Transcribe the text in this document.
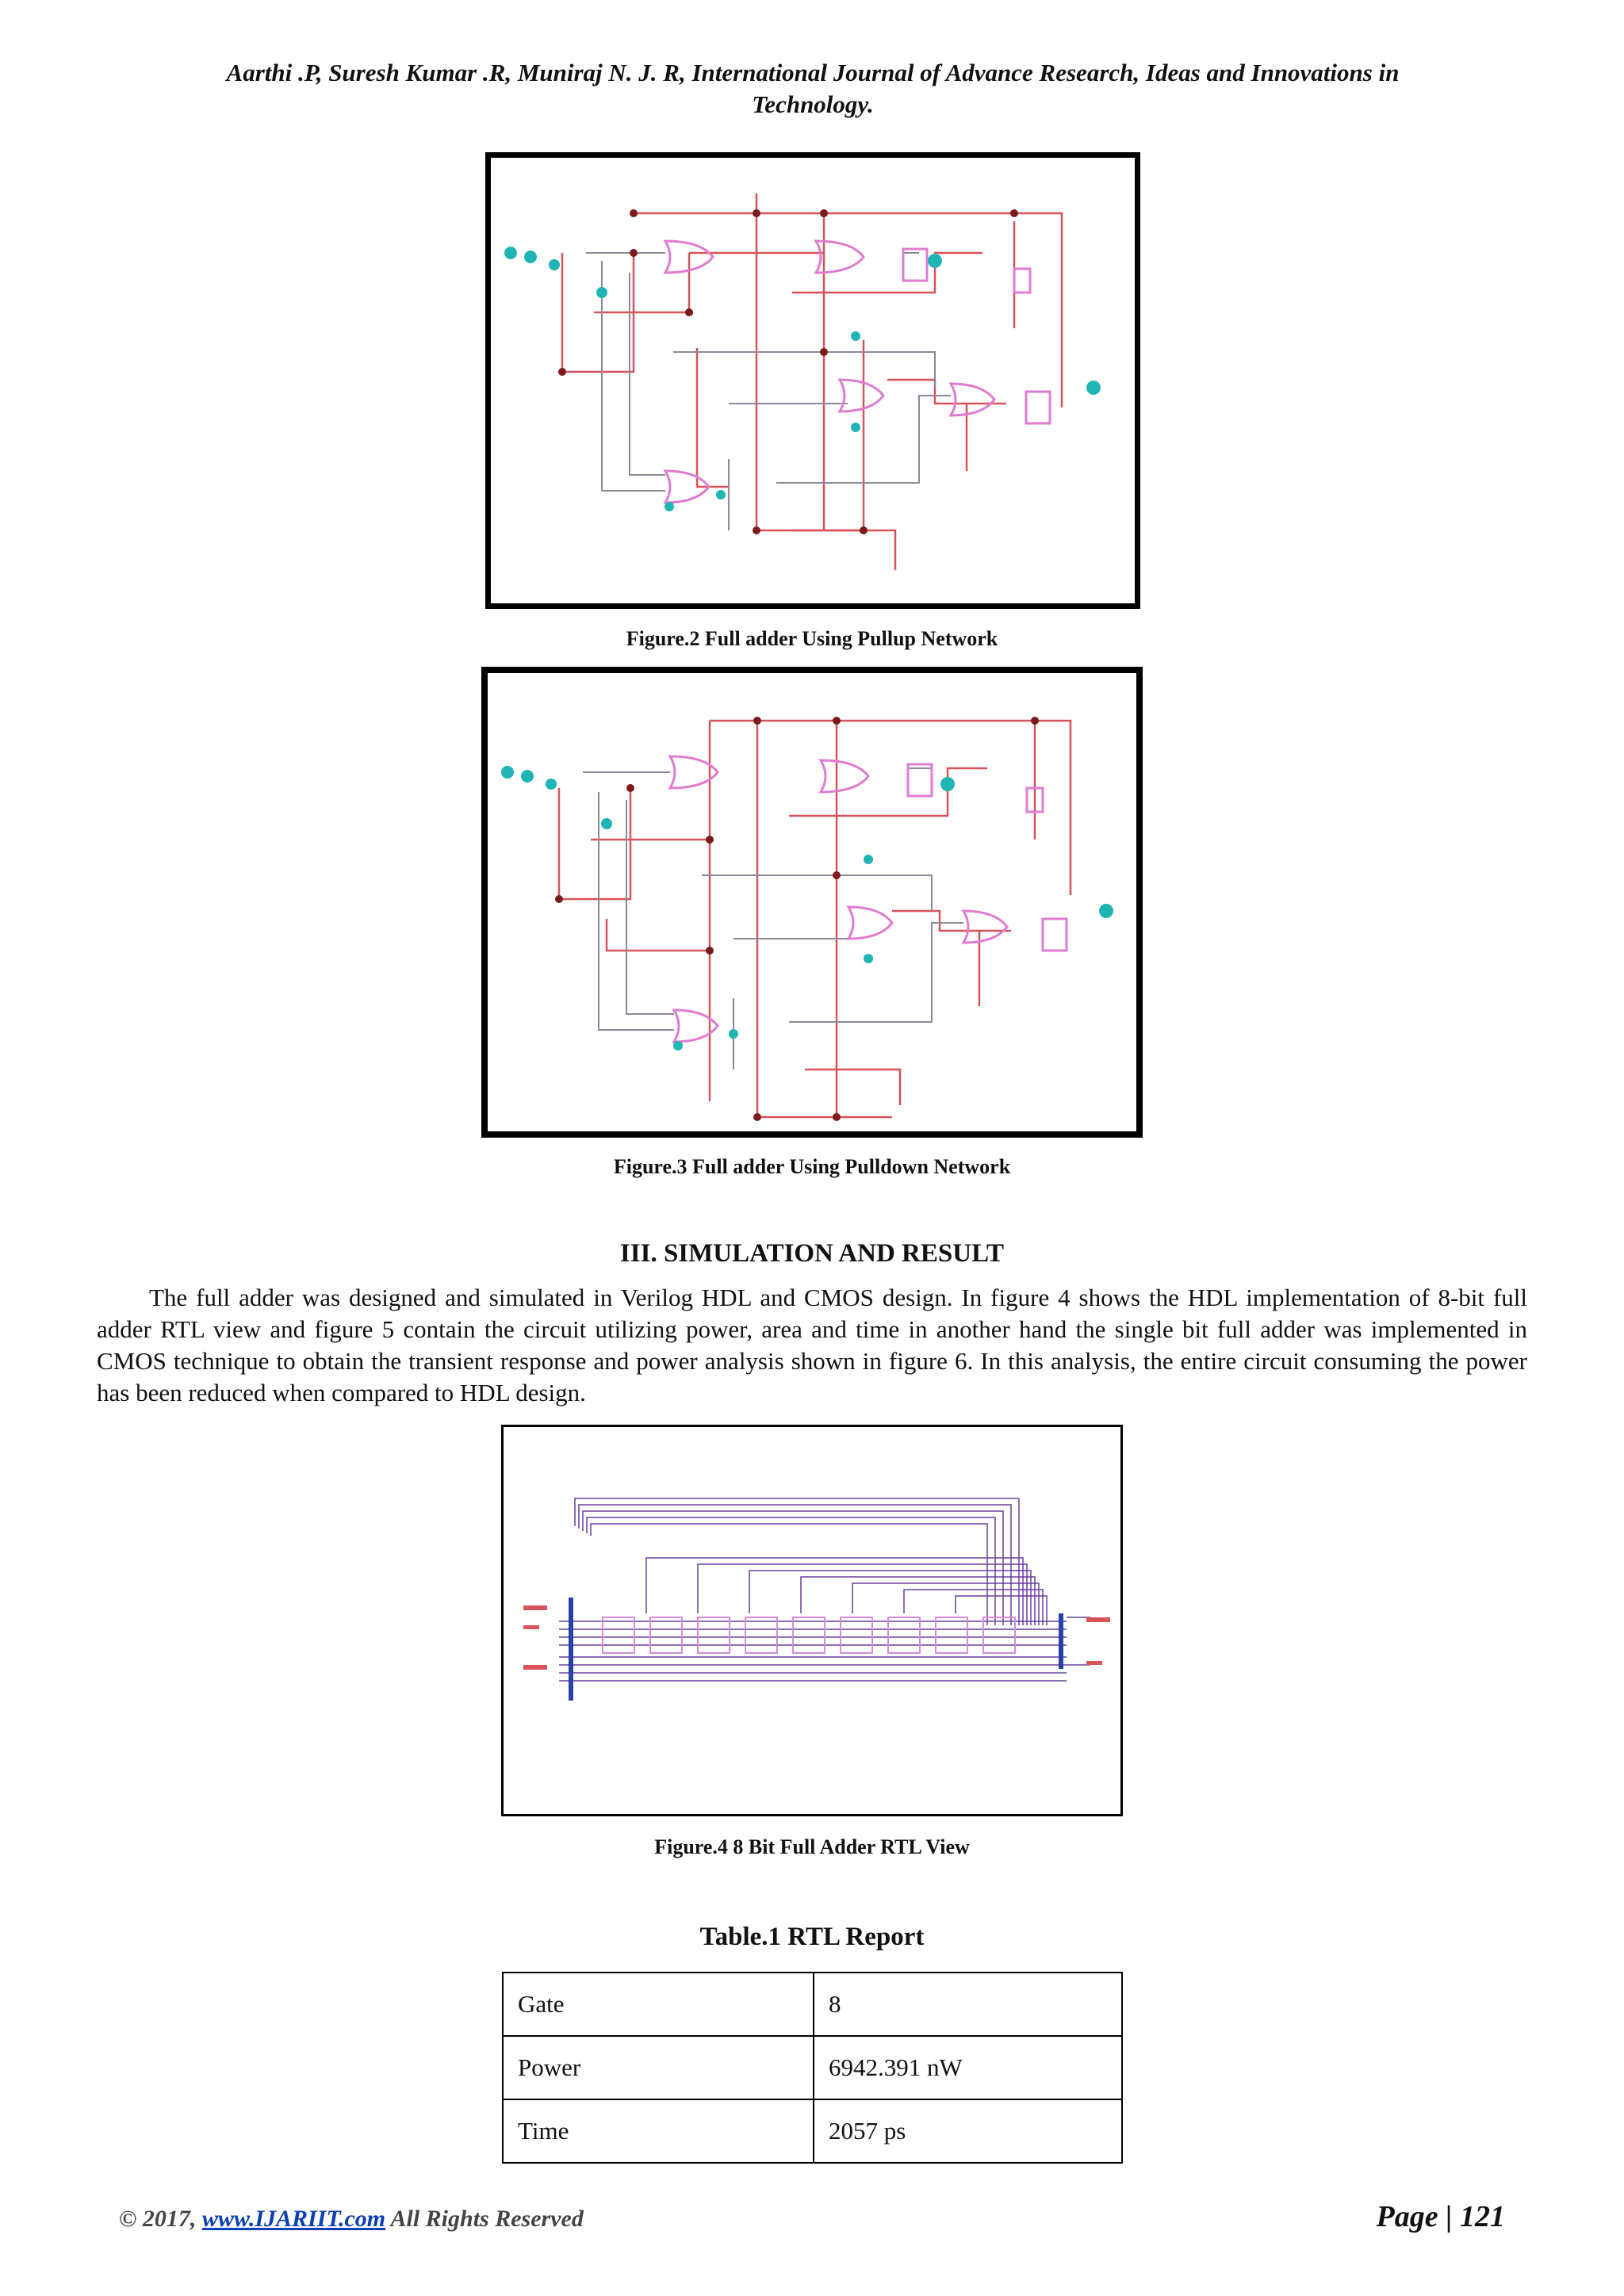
Aarthi .P, Suresh Kumar .R, Muniraj N. J. R, International Journal of Advance Research, Ideas and Innovations in
Technology.
Figure.2 Full adder Using Pullup Network
Figure.3 Full adder Using Pulldown Network
III. SIMULATION AND RESULT
The full adder was designed and simulated in Verilog HDL and CMOS design. In figure 4 shows the HDL implementation of 8-bit full adder RTL view and figure 5 contain the circuit utilizing power, area and time in another hand the single bit full adder was implemented in CMOS technique to obtain the transient response and power analysis shown in figure 6. In this analysis, the entire circuit consuming the power has been reduced when compared to HDL design.
Figure.4 8 Bit Full Adder RTL View
Table.1 RTL Report
Gate	8
Power	6942.391 nW
Time	2057 ps
© 2017, www.IJARIIT.com All Rights Reserved	Page | 121
